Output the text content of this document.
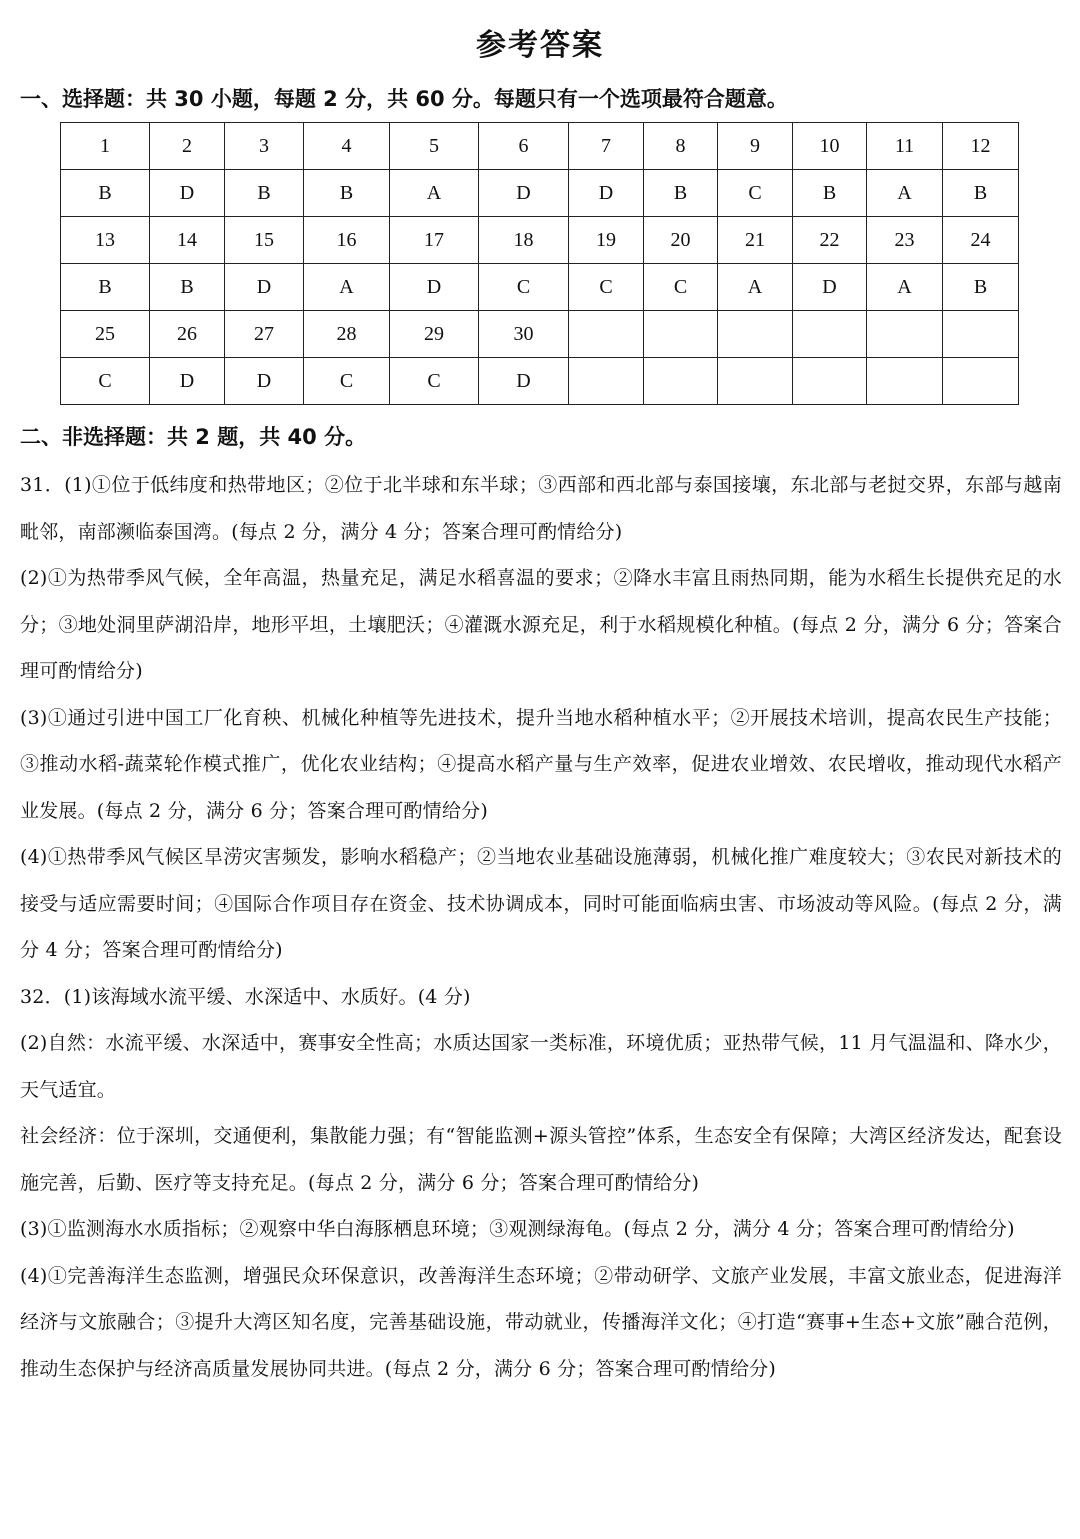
参考答案
一、选择题：共 30 小题，每题 2 分，共 60 分。每题只有一个选项最符合题意。
1	2	3	4	5	6	7	8	9	10	11	12
B	D	B	B	A	D	D	B	C	B	A	B
13	14	15	16	17	18	19	20	21	22	23	24
B	B	D	A	D	C	C	C	A	D	A	B
25	26	27	28	29	30						
C	D	D	C	C	D						
二、非选择题：共 2 题，共 40 分。

31．(1)①位于低纬度和热带地区；②位于北半球和东半球；③西部和西北部与泰国接壤，东北部与老挝交界，东部与越南毗邻，南部濒临泰国湾。(每点 2 分，满分 4 分；答案合理可酌情给分)

(2)①为热带季风气候，全年高温，热量充足，满足水稻喜温的要求；②降水丰富且雨热同期，能为水稻生长提供充足的水分；③地处洞里萨湖沿岸，地形平坦，土壤肥沃；④灌溉水源充足，利于水稻规模化种植。(每点 2 分，满分 6 分；答案合理可酌情给分)

(3)①通过引进中国工厂化育秧、机械化种植等先进技术，提升当地水稻种植水平；②开展技术培训，提高农民生产技能；③推动水稻-蔬菜轮作模式推广，优化农业结构；④提高水稻产量与生产效率，促进农业增效、农民增收，推动现代水稻产业发展。(每点 2 分，满分 6 分；答案合理可酌情给分)

(4)①热带季风气候区旱涝灾害频发，影响水稻稳产；②当地农业基础设施薄弱，机械化推广难度较大；③农民对新技术的接受与适应需要时间；④国际合作项目存在资金、技术协调成本，同时可能面临病虫害、市场波动等风险。(每点 2 分，满分 4 分；答案合理可酌情给分)

32．(1)该海域水流平缓、水深适中、水质好。(4 分)

(2)自然：水流平缓、水深适中，赛事安全性高；水质达国家一类标准，环境优质；亚热带气候，11 月气温温和、降水少，天气适宜。

社会经济：位于深圳，交通便利，集散能力强；有“智能监测+源头管控”体系，生态安全有保障；大湾区经济发达，配套设施完善，后勤、医疗等支持充足。(每点 2 分，满分 6 分；答案合理可酌情给分)

(3)①监测海水水质指标；②观察中华白海豚栖息环境；③观测绿海龟。(每点 2 分，满分 4 分；答案合理可酌情给分)

(4)①完善海洋生态监测，增强民众环保意识，改善海洋生态环境；②带动研学、文旅产业发展，丰富文旅业态，促进海洋经济与文旅融合；③提升大湾区知名度，完善基础设施，带动就业，传播海洋文化；④打造“赛事+生态+文旅”融合范例，推动生态保护与经济高质量发展协同共进。(每点 2 分，满分 6 分；答案合理可酌情给分)
